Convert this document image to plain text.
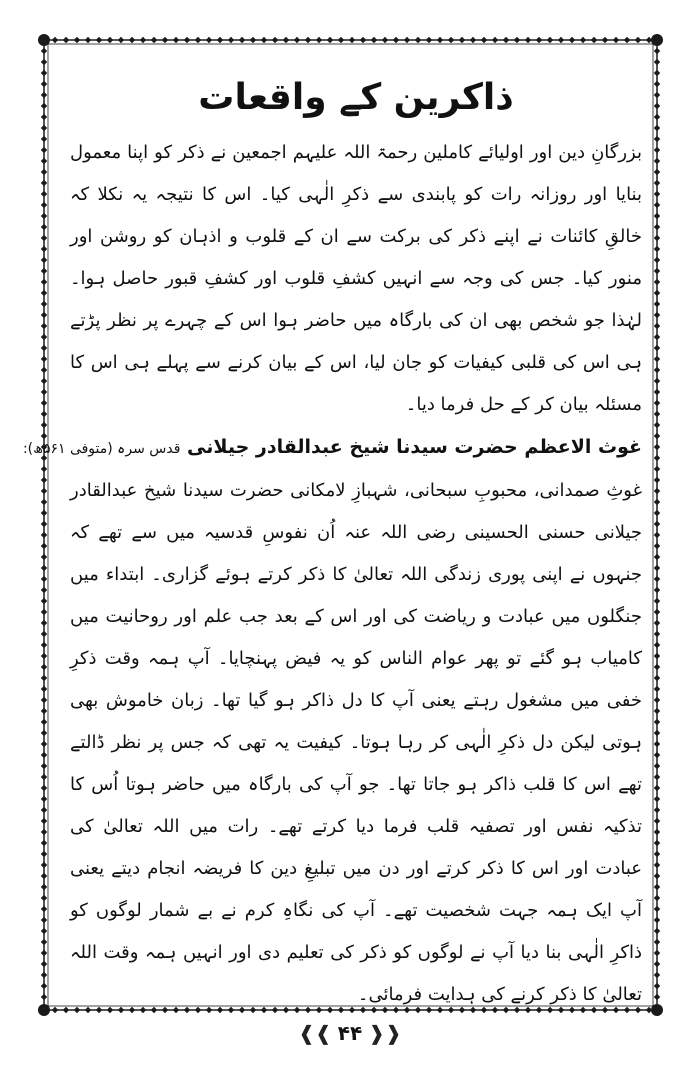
ذاکرین کے واقعات

بزرگانِ دین اور اولیائے کاملین رحمۃ اللہ علیہم اجمعین نے ذکر کو اپنا معمول بنایا اور روزانہ رات کو پابندی سے ذکرِ الٰہی کیا۔ اس کا نتیجہ یہ نکلا کہ خالقِ کائنات نے اپنے ذکر کی برکت سے ان کے قلوب و اذہان کو روشن اور منور کیا۔ جس کی وجہ سے انہیں کشفِ قلوب اور کشفِ قبور حاصل ہوا۔ لہٰذا جو شخص بھی ان کی بارگاہ میں حاضر ہوا اس کے چہرے پر نظر پڑتے ہی اس کی قلبی کیفیات کو جان لیا، اس کے بیان کرنے سے پہلے ہی اس کا مسئلہ بیان کر کے حل فرما دیا۔

غوث الاعظم حضرت سیدنا شیخ عبدالقادر جیلانی قدس سرہ (متوفی ۵۶۱ھ):

غوثِ صمدانی، محبوبِ سبحانی، شہبازِ لامکانی حضرت سیدنا شیخ عبدالقادر جیلانی حسنی الحسینی رضی اللہ عنہ اُن نفوسِ قدسیہ میں سے تھے کہ جنہوں نے اپنی پوری زندگی اللہ تعالیٰ کا ذکر کرتے ہوئے گزاری۔ ابتداء میں جنگلوں میں عبادت و ریاضت کی اور اس کے بعد جب علم اور روحانیت میں کامیاب ہو گئے تو پھر عوام الناس کو یہ فیض پہنچایا۔ آپ ہمہ وقت ذکرِ خفی میں مشغول رہتے یعنی آپ کا دل ذاکر ہو گیا تھا۔ زبان خاموش بھی ہوتی لیکن دل ذکرِ الٰہی کر رہا ہوتا۔ کیفیت یہ تھی کہ جس پر نظر ڈالتے تھے اس کا قلب ذاکر ہو جاتا تھا۔ جو آپ کی بارگاہ میں حاضر ہوتا اُس کا تذکیہ نفس اور تصفیہ قلب فرما دیا کرتے تھے۔ رات میں اللہ تعالیٰ کی عبادت اور اس کا ذکر کرتے اور دن میں تبلیغِ دین کا فریضہ انجام دیتے یعنی آپ ایک ہمہ جہت شخصیت تھے۔ آپ کی نگاہِ کرم نے بے شمار لوگوں کو ذاکرِ الٰہی بنا دیا آپ نے لوگوں کو ذکر کی تعلیم دی اور انہیں ہمہ وقت اللہ تعالیٰ کا ذکر کرنے کی ہدایت فرمائی۔

❰❰ ۴۴ ❱❱
